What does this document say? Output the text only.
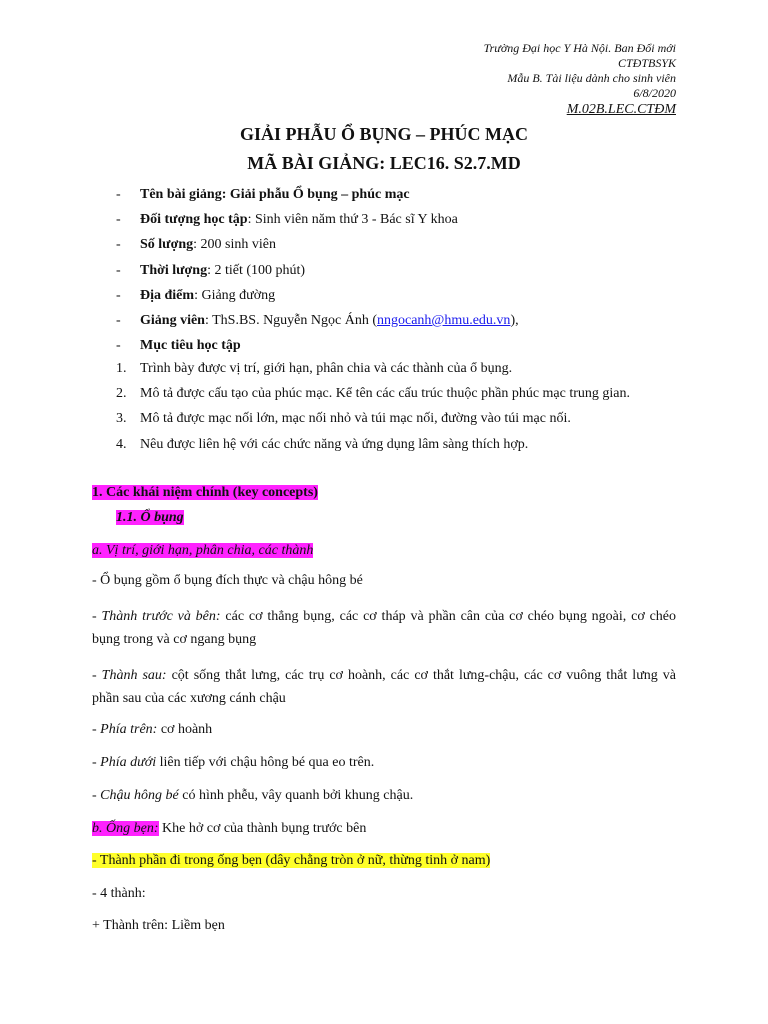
Trường Đại học Y Hà Nội. Ban Đổi mới
CTĐTBSYK
Mẫu B. Tài liệu dành cho sinh viên
6/8/2020
M.02B.LEC.CTĐM
GIẢI PHẪU Ổ BỤNG – PHÚC MẠC
MÃ BÀI GIẢNG: LEC16. S2.7.MD
- Tên bài giảng: Giải phẫu Ổ bụng – phúc mạc
- Đối tượng học tập: Sinh viên năm thứ 3 - Bác sĩ Y khoa
- Số lượng: 200 sinh viên
- Thời lượng: 2 tiết (100 phút)
- Địa điểm: Giảng đường
- Giảng viên: ThS.BS. Nguyễn Ngọc Ánh (nngocanh@hmu.edu.vn),
- Mục tiêu học tập
1. Trình bày được vị trí, giới hạn, phân chia và các thành của ổ bụng.
2. Mô tả được cấu tạo của phúc mạc. Kể tên các cấu trúc thuộc phần phúc mạc trung gian.
3. Mô tả được mạc nối lớn, mạc nối nhỏ và túi mạc nối, đường vào túi mạc nối.
4. Nêu được liên hệ với các chức năng và ứng dụng lâm sàng thích hợp.
1. Các khái niệm chính (key concepts)
1.1. Ổ bụng
a. Vị trí, giới hạn, phân chia, các thành
- Ổ bụng gồm ổ bụng đích thực và chậu hông bé
- Thành trước và bên: các cơ thẳng bụng, các cơ tháp và phần cân của cơ chéo bụng ngoài, cơ chéo bụng trong và cơ ngang bụng
- Thành sau: cột sống thắt lưng, các trụ cơ hoành, các cơ thắt lưng-chậu, các cơ vuông thắt lưng và phần sau của các xương cánh chậu
- Phía trên: cơ hoành
- Phía dưới liên tiếp với chậu hông bé qua eo trên.
- Chậu hông bé có hình phễu, vây quanh bởi khung chậu.
b. Ống bẹn: Khe hở cơ của thành bụng trước bên
- Thành phần đi trong ống bẹn (dây chằng tròn ở nữ, thừng tinh ở nam)
- 4 thành:
+ Thành trên: Liềm bẹn
